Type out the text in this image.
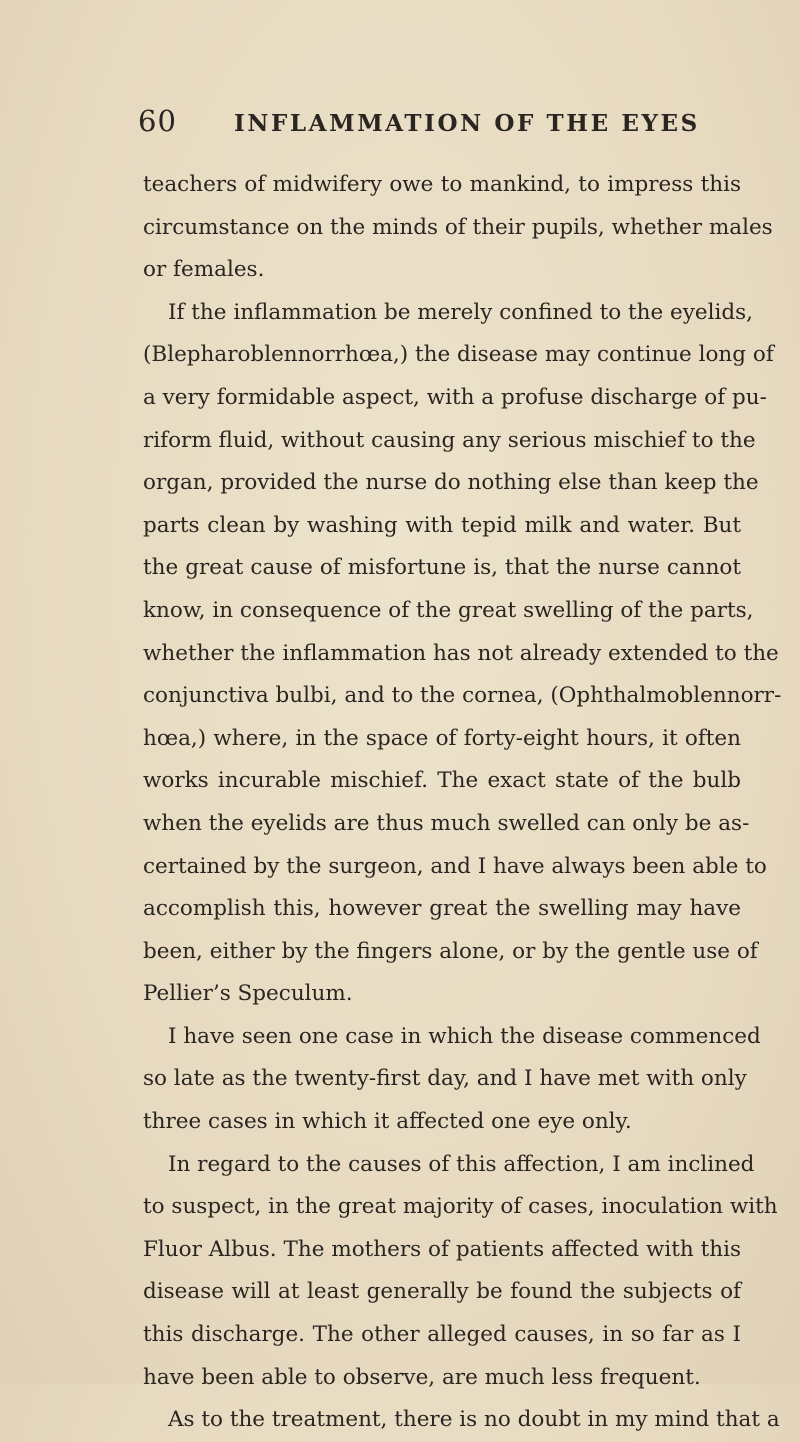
60 INFLAMMATION OF THE EYES
teachers of midwifery owe to mankind, to impress this
circumstance on the minds of their pupils, whether males
or females.
If the inflammation be merely confined to the eyelids,
(Blepharoblennorrhœa,) the disease may continue long of
a very formidable aspect, with a profuse discharge of pu-
riform fluid, without causing any serious mischief to the
organ, provided the nurse do nothing else than keep the
parts clean by washing with tepid milk and water. But
the great cause of misfortune is, that the nurse cannot
know, in consequence of the great swelling of the parts,
whether the inflammation has not already extended to the
conjunctiva bulbi, and to the cornea, (Ophthalmoblennorr-
hœa,) where, in the space of forty-eight hours, it often
works incurable mischief. The exact state of the bulb
when the eyelids are thus much swelled can only be as-
certained by the surgeon, and I have always been able to
accomplish this, however great the swelling may have
been, either by the fingers alone, or by the gentle use of
Pellier’s Speculum.
I have seen one case in which the disease commenced
so late as the twenty-first day, and I have met with only
three cases in which it affected one eye only.
In regard to the causes of this affection, I am inclined
to suspect, in the great majority of cases, inoculation with
Fluor Albus. The mothers of patients affected with this
disease will at least generally be found the subjects of
this discharge. The other alleged causes, in so far as I
have been able to observe, are much less frequent.
As to the treatment, there is no doubt in my mind that a
